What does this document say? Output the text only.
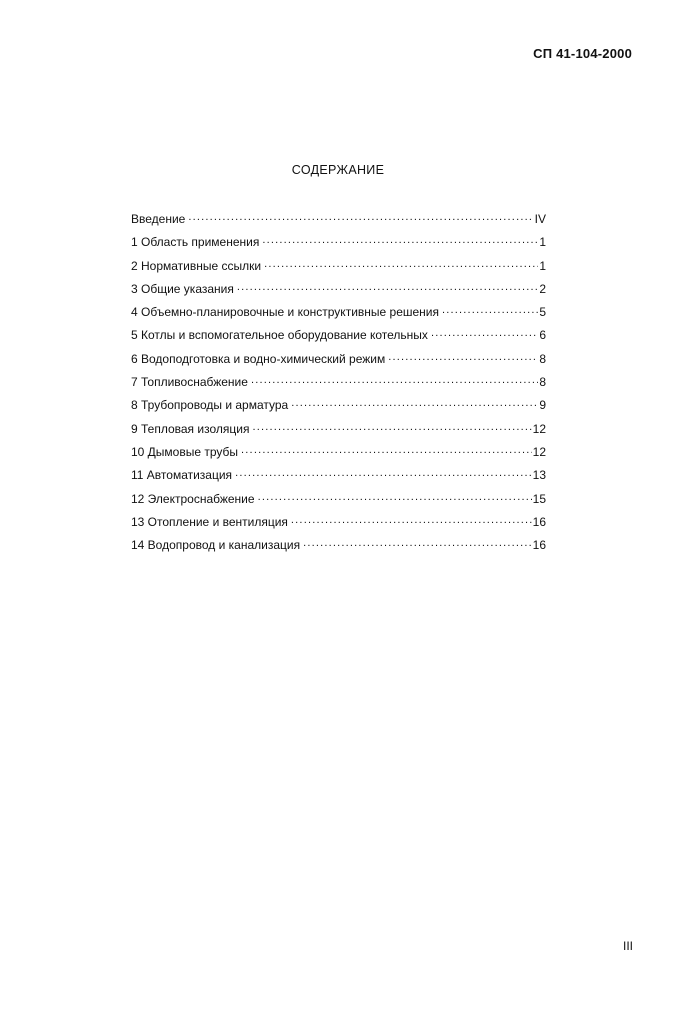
СП 41-104-2000
СОДЕРЖАНИЕ
Введение .....	IV
1 Область применения .....	1
2 Нормативные ссылки .....	1
3 Общие указания .....	2
4 Объемно-планировочные и конструктивные решения .....	5
5 Котлы и вспомогательное оборудование котельных .....	6
6 Водоподготовка и водно-химический режим .....	8
7 Топливоснабжение .....	8
8 Трубопроводы и арматура .....	9
9 Тепловая изоляция .....	12
10 Дымовые трубы .....	12
11 Автоматизация .....	13
12 Электроснабжение .....	15
13 Отопление и вентиляция .....	16
14 Водопровод и канализация .....	16
III
